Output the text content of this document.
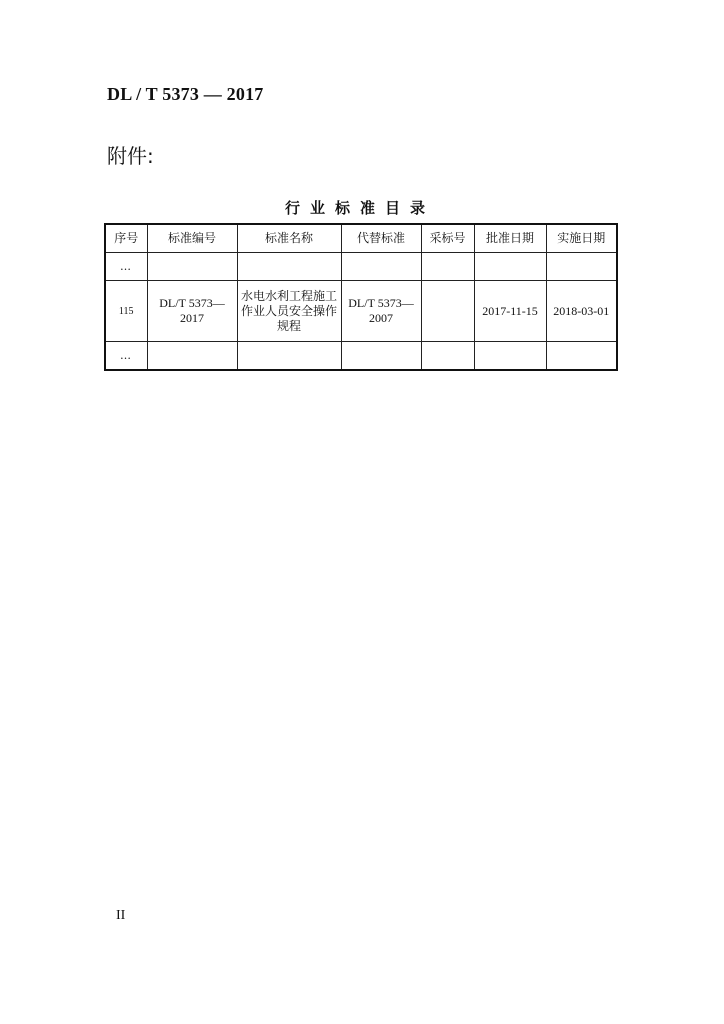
DL / T 5373 — 2017
附件:
行业标准目录
序号	标准编号	标准名称	代替标准	采标号	批准日期	实施日期
…						
115	DL/T 5373—2017	水电水利工程施工作业人员安全操作规程	DL/T 5373—2007		2017-11-15	2018-03-01
…						
II
